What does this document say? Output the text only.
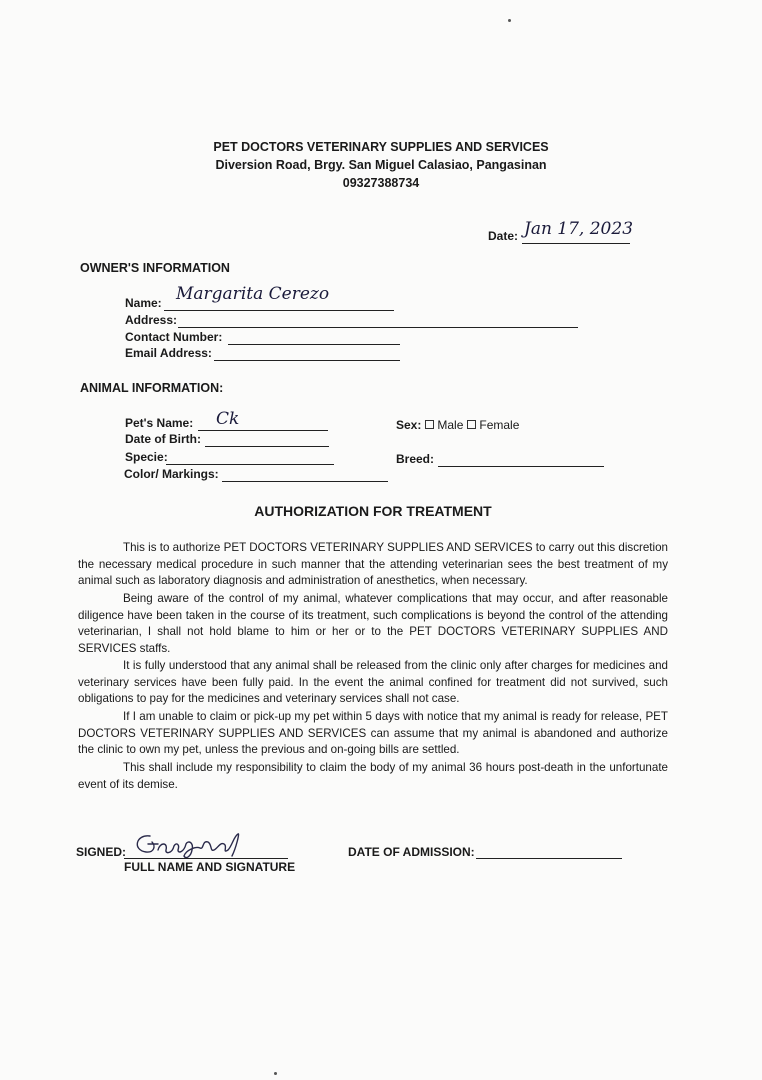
PET DOCTORS VETERINARY SUPPLIES AND SERVICES
Diversion Road, Brgy. San Miguel Calasiao, Pangasinan
09327388734
Date: Jan 17, 2023
OWNER'S INFORMATION
Name: Margarita Cerezo
Address:
Contact Number:
Email Address:
ANIMAL INFORMATION:
Pet's Name: Ck
Date of Birth:
Specie:
Color/ Markings:
Sex: Male Female
Breed:
AUTHORIZATION FOR TREATMENT
This is to authorize PET DOCTORS VETERINARY SUPPLIES AND SERVICES to carry out this discretion the necessary medical procedure in such manner that the attending veterinarian sees the best treatment of my animal such as laboratory diagnosis and administration of anesthetics, when necessary.
Being aware of the control of my animal, whatever complications that may occur, and after reasonable diligence have been taken in the course of its treatment, such complications is beyond the control of the attending veterinarian, I shall not hold blame to him or her or to the PET DOCTORS VETERINARY SUPPLIES AND SERVICES staffs.
It is fully understood that any animal shall be released from the clinic only after charges for medicines and veterinary services have been fully paid. In the event the animal confined for treatment did not survived, such obligations to pay for the medicines and veterinary services shall not case.
If I am unable to claim or pick-up my pet within 5 days with notice that my animal is ready for release, PET DOCTORS VETERINARY SUPPLIES AND SERVICES can assume that my animal is abandoned and authorize the clinic to own my pet, unless the previous and on-going bills are settled.
This shall include my responsibility to claim the body of my animal 36 hours post-death in the unfortunate event of its demise.
SIGNED:
FULL NAME AND SIGNATURE
DATE OF ADMISSION:
